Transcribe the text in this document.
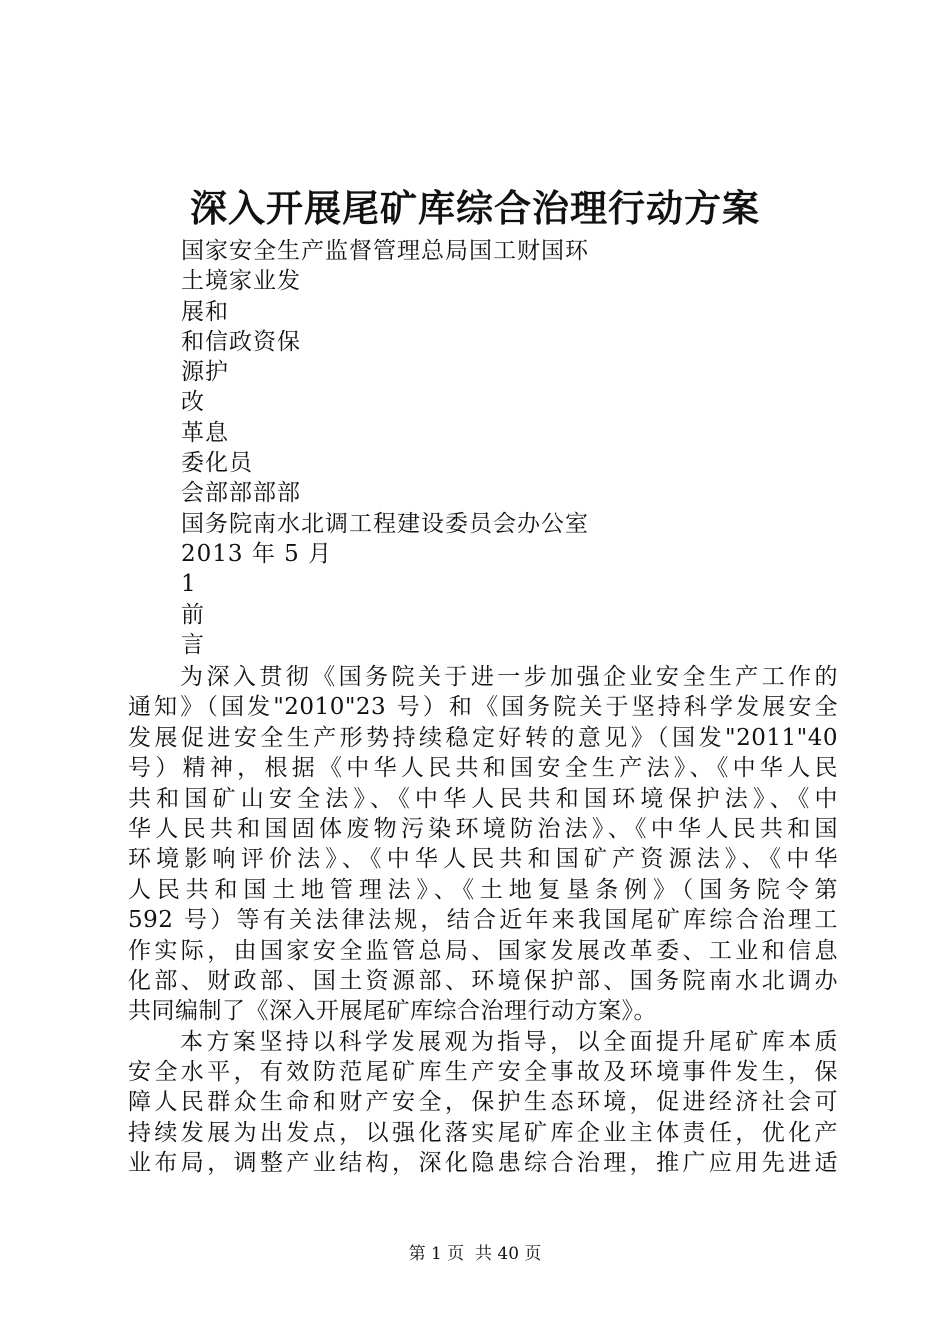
深入开展尾矿库综合治理行动方案
国家安全生产监督管理总局国工财国环
土境家业发
展和
和信政资保
源护
改
革息
委化员
会部部部部
国务院南水北调工程建设委员会办公室
2013 年 5 月
1
前
言
为深入贯彻《国务院关于进一步加强企业安全生产工作的
通知》（国发"2010"23 号）和《国务院关于坚持科学发展安全
发展促进安全生产形势持续稳定好转的意见》（国发"2011"40
号）精神，根据《中华人民共和国安全生产法》、《中华人民
共和国矿山安全法》、《中华人民共和国环境保护法》、《中
华人民共和国固体废物污染环境防治法》、《中华人民共和国
环境影响评价法》、《中华人民共和国矿产资源法》、《中华
人民共和国土地管理法》、《土地复垦条例》（国务院令第
592 号）等有关法律法规，结合近年来我国尾矿库综合治理工
作实际，由国家安全监管总局、国家发展改革委、工业和信息
化部、财政部、国土资源部、环境保护部、国务院南水北调办
共同编制了《深入开展尾矿库综合治理行动方案》。
本方案坚持以科学发展观为指导，以全面提升尾矿库本质
安全水平，有效防范尾矿库生产安全事故及环境事件发生，保
障人民群众生命和财产安全，保护生态环境，促进经济社会可
持续发展为出发点，以强化落实尾矿库企业主体责任，优化产
业布局，调整产业结构，深化隐患综合治理，推广应用先进适
第 1 页  共 40 页
